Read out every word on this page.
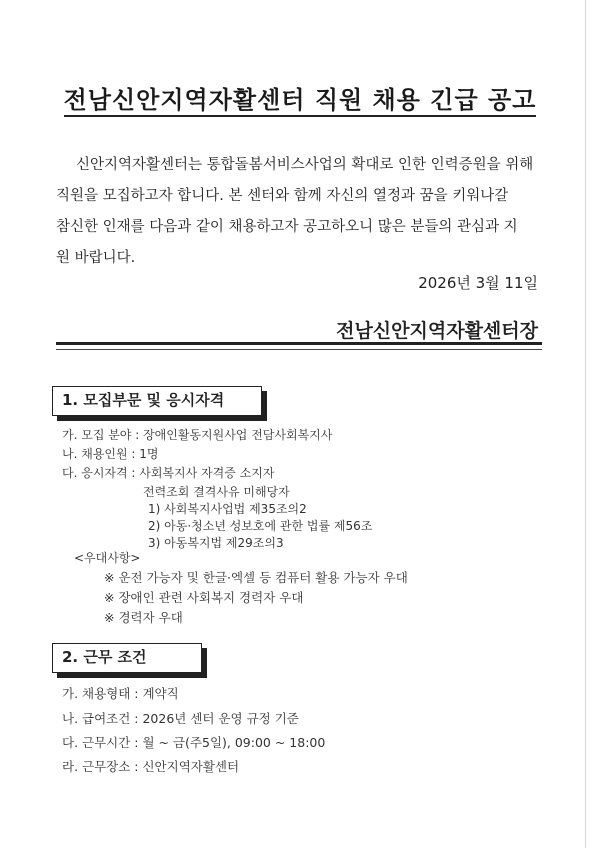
전남신안지역자활센터 직원 채용 긴급 공고
신안지역자활센터는 통합돌봄서비스사업의 확대로 인한 인력증원을 위해
직원을 모집하고자 합니다. 본 센터와 함께 자신의 열정과 꿈을 키워나갈
참신한 인재를 다음과 같이 채용하고자 공고하오니 많은 분들의 관심과 지
원 바랍니다.
2026년 3월 11일
전남신안지역자활센터장
1. 모집부문 및 응시자격
가. 모집 분야 : 장애인활동지원사업 전담사회복지사
나. 채용인원 : 1명
다. 응시자격 : 사회복지사 자격증 소지자
전력조회 결격사유 미해당자
1) 사회복지사업법 제35조의2
2) 아동·청소년 성보호에 관한 법률 제56조
3) 아동복지법 제29조의3
<우대사항>
※ 운전 가능자 및 한글·엑셀 등 컴퓨터 활용 가능자 우대
※ 장애인 관련 사회복지 경력자 우대
※ 경력자 우대
2. 근무 조건
가. 채용형태 : 계약직
나. 급여조건 : 2026년 센터 운영 규정 기준
다. 근무시간 : 월 ~ 금(주5일), 09:00 ~ 18:00
라. 근무장소 : 신안지역자활센터
